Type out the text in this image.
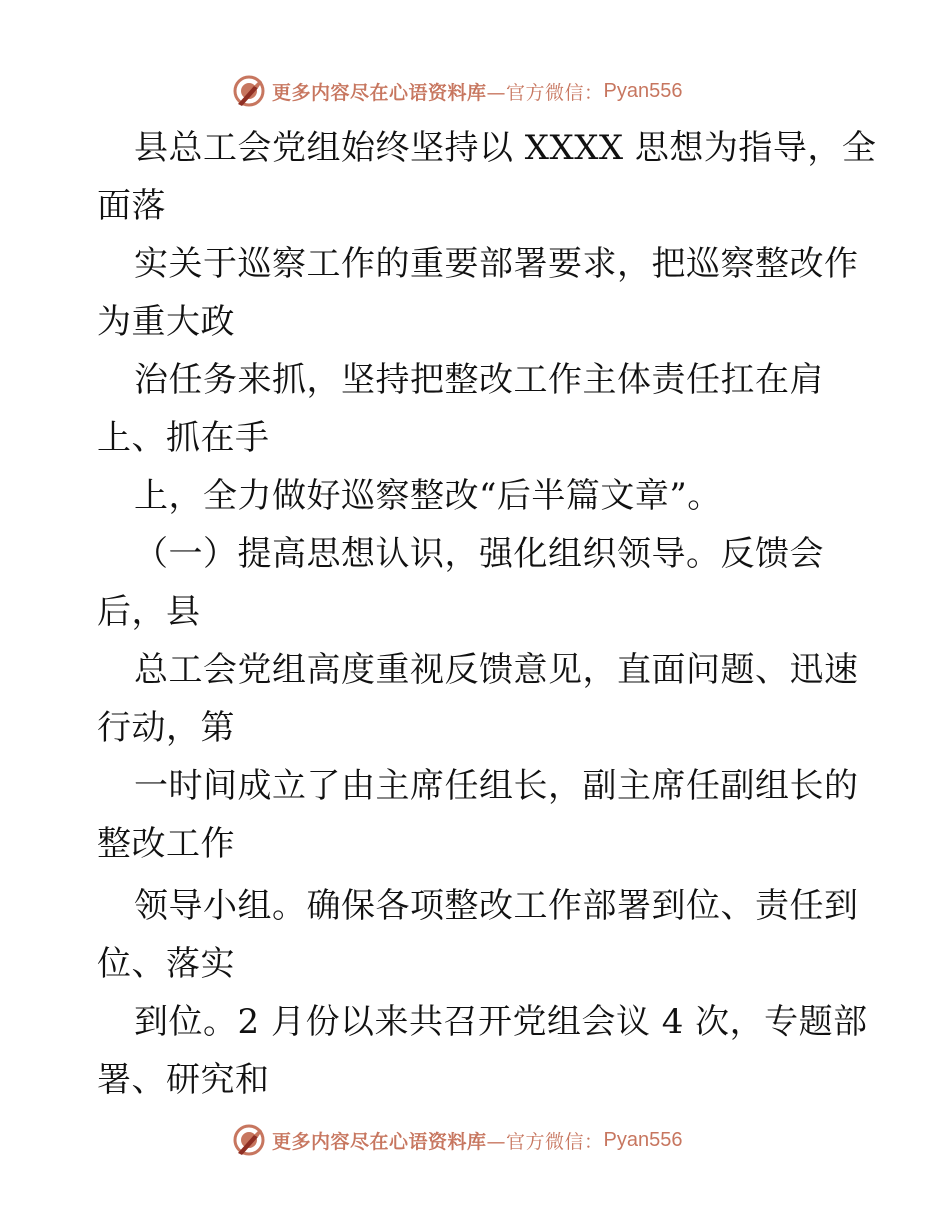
更多内容尽在心语资料库 —官方微信： Pyan556
县总工会党组始终坚持以 XXXX 思想为指导，全
面落
实关于巡察工作的重要部署要求，把巡察整改作
为重大政
治任务来抓，坚持把整改工作主体责任扛在肩
上、抓在手
上，全力做好巡察整改“后半篇文章”。
（一）提高思想认识，强化组织领导。反馈会
后，县
总工会党组高度重视反馈意见，直面问题、迅速
行动，第
一时间成立了由主席任组长，副主席任副组长的
整改工作
领导小组。确保各项整改工作部署到位、责任到
位、落实
到位。2 月份以来共召开党组会议 4 次，专题部
署、研究和
更多内容尽在心语资料库 —官方微信： Pyan556
